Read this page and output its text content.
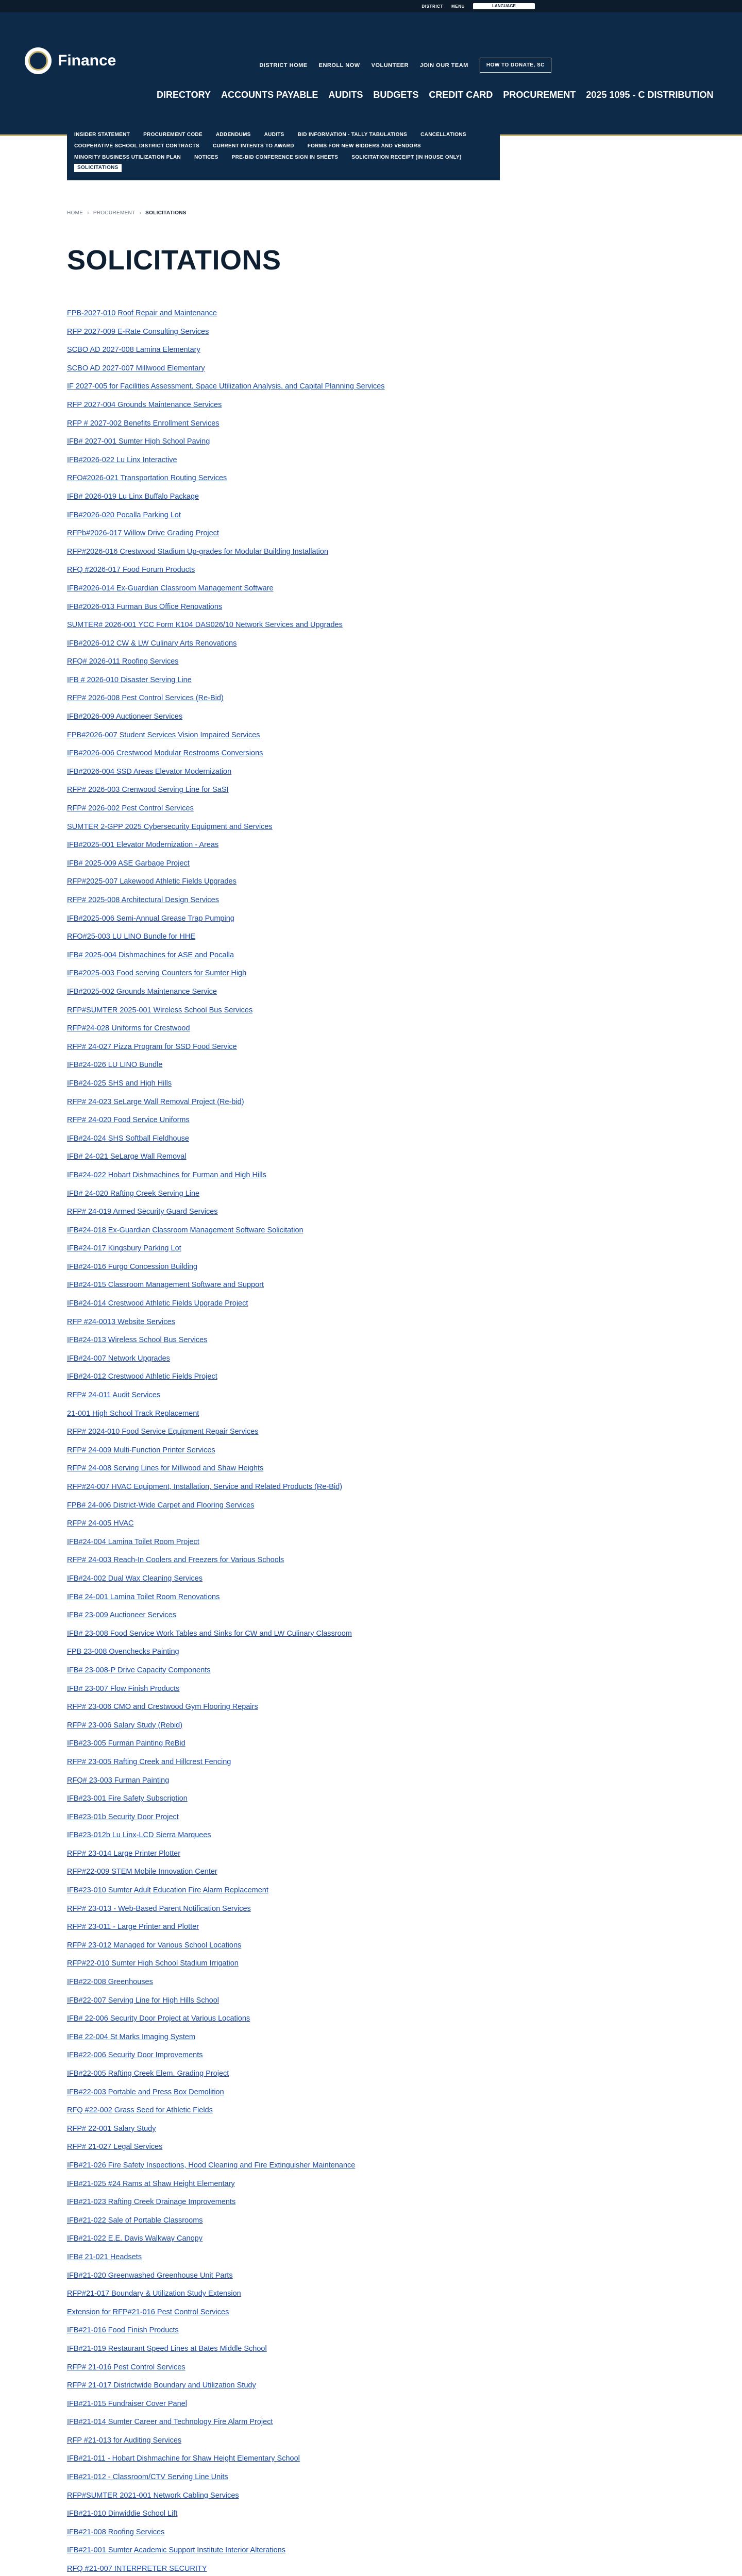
DISTRICT MENU	LANGUAGE
Finance	DISTRICT HOME ENROLL NOW VOLUNTEER JOIN OUR TEAM	HOW TO DONATE, SC
DIRECTORY ACCOUNTS PAYABLE AUDITS BUDGETS CREDIT CARD PROCUREMENT 2025 1095 - C DISTRIBUTION
INSIDER STATEMENT	PROCUREMENT CODE	ADDENDUMS	AUDITS	BID INFORMATION - TALLY TABULATIONS	CANCELLATIONS
COOPERATIVE SCHOOL DISTRICT CONTRACTS	CURRENT INTENTS TO AWARD	FORMS FOR NEW BIDDERS AND VENDORS
MINORITY BUSINESS UTILIZATION PLAN	NOTICES	PRE-BID CONFERENCE SIGN IN SHEETS	SOLICITATION RECEIPT (IN HOUSE ONLY)
SOLICITATIONS
HOME › PROCUREMENT › SOLICITATIONS
SOLICITATIONS
FPB-2027-010 Roof Repair and Maintenance
RFP 2027-009 E-Rate Consulting Services
SCBO AD 2027-008 Lamina Elementary
SCBO AD 2027-007 Millwood Elementary
IF 2027-005 for Facilities Assessment, Space Utilization Analysis, and Capital Planning Services
RFP 2027-004 Grounds Maintenance Services
RFP # 2027-002 Benefits Enrollment Services
IFB# 2027-001 Sumter High School Paving
IFB#2026-022 Lu Linx Interactive
RFO#2026-021 Transportation Routing Services
IFB# 2026-019 Lu Linx Buffalo Package
IFB#2026-020 Pocalla Parking Lot
RFPb#2026-017 Willow Drive Grading Project
RFP#2026-016 Crestwood Stadium Up-grades for Modular Building Installation
RFQ #2026-017 Food Forum Products
IFB#2026-014 Ex-Guardian Classroom Management Software
IFB#2026-013 Furman Bus Office Renovations
SUMTER# 2026-001 YCC Form K104 DAS026/10 Network Services and Upgrades
IFB#2026-012 CW & LW Culinary Arts Renovations
RFQ# 2026-011 Roofing Services
IFB # 2026-010 Disaster Serving Line
RFP# 2026-008 Pest Control Services (Re-Bid)
IFB#2026-009 Auctioneer Services
FPB#2026-007 Student Services Vision Impaired Services
IFB#2026-006 Crestwood Modular Restrooms Conversions
IFB#2026-004 SSD Areas Elevator Modernization
RFP# 2026-003 Crenwood Serving Line for SaSI
RFP# 2026-002 Pest Control Services
SUMTER 2-GPP 2025 Cybersecurity Equipment and Services
IFB#2025-001 Elevator Modernization - Areas
IFB# 2025-009 ASE Garbage Project
RFP#2025-007 Lakewood Athletic Fields Upgrades
RFP# 2025-008 Architectural Design Services
IFB#2025-006 Semi-Annual Grease Trap Pumping
RFO#25-003 LU LINO Bundle for HHE
IFB# 2025-004 Dishmachines for ASE and Pocalla
IFB#2025-003 Food serving Counters for Sumter High
IFB#2025-002 Grounds Maintenance Service
RFP#SUMTER 2025-001 Wireless School Bus Services
RFP#24-028 Uniforms for Crestwood
RFP# 24-027 Pizza Program for SSD Food Service
IFB#24-026 LU LINO Bundle
IFB#24-025 SHS and High Hills
RFP# 24-023 SeLarge Wall Removal Project (Re-bid)
RFP# 24-020 Food Service Uniforms
IFB#24-024 SHS Softball Fieldhouse
IFB# 24-021 SeLarge Wall Removal
IFB#24-022 Hobart Dishmachines for Furman and High Hills
IFB# 24-020 Rafting Creek Serving Line
RFP# 24-019 Armed Security Guard Services
IFB#24-018 Ex-Guardian Classroom Management Software Solicitation
IFB#24-017 Kingsbury Parking Lot
IFB#24-016 Furgo Concession Building
IFB#24-015 Classroom Management Software and Support
IFB#24-014 Crestwood Athletic Fields Upgrade Project
RFP #24-0013 Website Services
IFB#24-013 Wireless School Bus Services
IFB#24-007 Network Upgrades
IFB#24-012 Crestwood Athletic Fields Project
RFP# 24-011 Audit Services
21-001 High School Track Replacement
RFP# 2024-010 Food Service Equipment Repair Services
RFP# 24-009 Multi-Function Printer Services
RFP# 24-008 Serving Lines for Millwood and Shaw Heights
RFP#24-007 HVAC Equipment, Installation, Service and Related Products (Re-Bid)
FPB# 24-006 District-Wide Carpet and Flooring Services
RFP# 24-005 HVAC
IFB#24-004 Lamina Toilet Room Project
RFP# 24-003 Reach-In Coolers and Freezers for Various Schools
IFB#24-002 Dual Wax Cleaning Services
IFB# 24-001 Lamina Toilet Room Renovations
IFB# 23-009 Auctioneer Services
IFB# 23-008 Food Service Work Tables and Sinks for CW and LW Culinary Classroom
FPB 23-008 Ovenchecks Painting
IFB# 23-008-P Drive Capacity Components
IFB# 23-007 Flow Finish Products
RFP# 23-006 CMO and Crestwood Gym Flooring Repairs
RFP# 23-006 Salary Study (Rebid)
IFB#23-005 Furman Painting ReBid
RFP# 23-005 Rafting Creek and Hillcrest Fencing
RFQ# 23-003 Furman Painting
IFB#23-001 Fire Safety Subscription
IFB#23-01b Security Door Project
IFB#23-012b Lu Linx-LCD Sierra Marquees
RFP# 23-014 Large Printer Plotter
RFP#22-009 STEM Mobile Innovation Center
IFB#23-010 Sumter Adult Education Fire Alarm Replacement
RFP# 23-013 - Web-Based Parent Notification Services
RFP# 23-011 - Large Printer and Plotter
RFP# 23-012 Managed for Various School Locations
RFP#22-010 Sumter High School Stadium Irrigation
IFB#22-008 Greenhouses
IFB#22-007 Serving Line for High Hills School
IFB# 22-006 Security Door Project at Various Locations
IFB# 22-004 St Marks Imaging System
IFB#22-006 Security Door Improvements
IFB#22-005 Rafting Creek Elem. Grading Project
IFB#22-003 Portable and Press Box Demolition
RFQ #22-002 Grass Seed for Athletic Fields
RFP# 22-001 Salary Study
RFP# 21-027 Legal Services
IFB#21-026 Fire Safety Inspections, Hood Cleaning and Fire Extinguisher Maintenance
IFB#21-025 #24 Rams at Shaw Height Elementary
IFB#21-023 Rafting Creek Drainage Improvements
IFB#21-022 Sale of Portable Classrooms
IFB#21-022 E.E. Davis Walkway Canopy
IFB# 21-021 Headsets
IFB#21-020 Greenwashed Greenhouse Unit Parts
RFP#21-017 Boundary & Utilization Study Extension
Extension for RFP#21-016 Pest Control Services
IFB#21-016 Food Finish Products
IFB#21-019 Restaurant Speed Lines at Bates Middle School
RFP# 21-016 Pest Control Services
RFP# 21-017 Districtwide Boundary and Utilization Study
IFB#21-015 Fundraiser Cover Panel
IFB#21-014 Sumter Career and Technology Fire Alarm Project
RFP #21-013 for Auditing Services
IFB#21-011 - Hobart Dishmachine for Shaw Height Elementary School
IFB#21-012 - Classroom/CTV Serving Line Units
RFP#SUMTER 2021-001 Network Cabling Services
IFB#21-010 Dinwiddie School Lift
IFB#21-008 Roofing Services
IFB#21-001 Sumter Academic Support Institute Interior Alterations
RFQ #21-007 INTERPRETER SECURITY
